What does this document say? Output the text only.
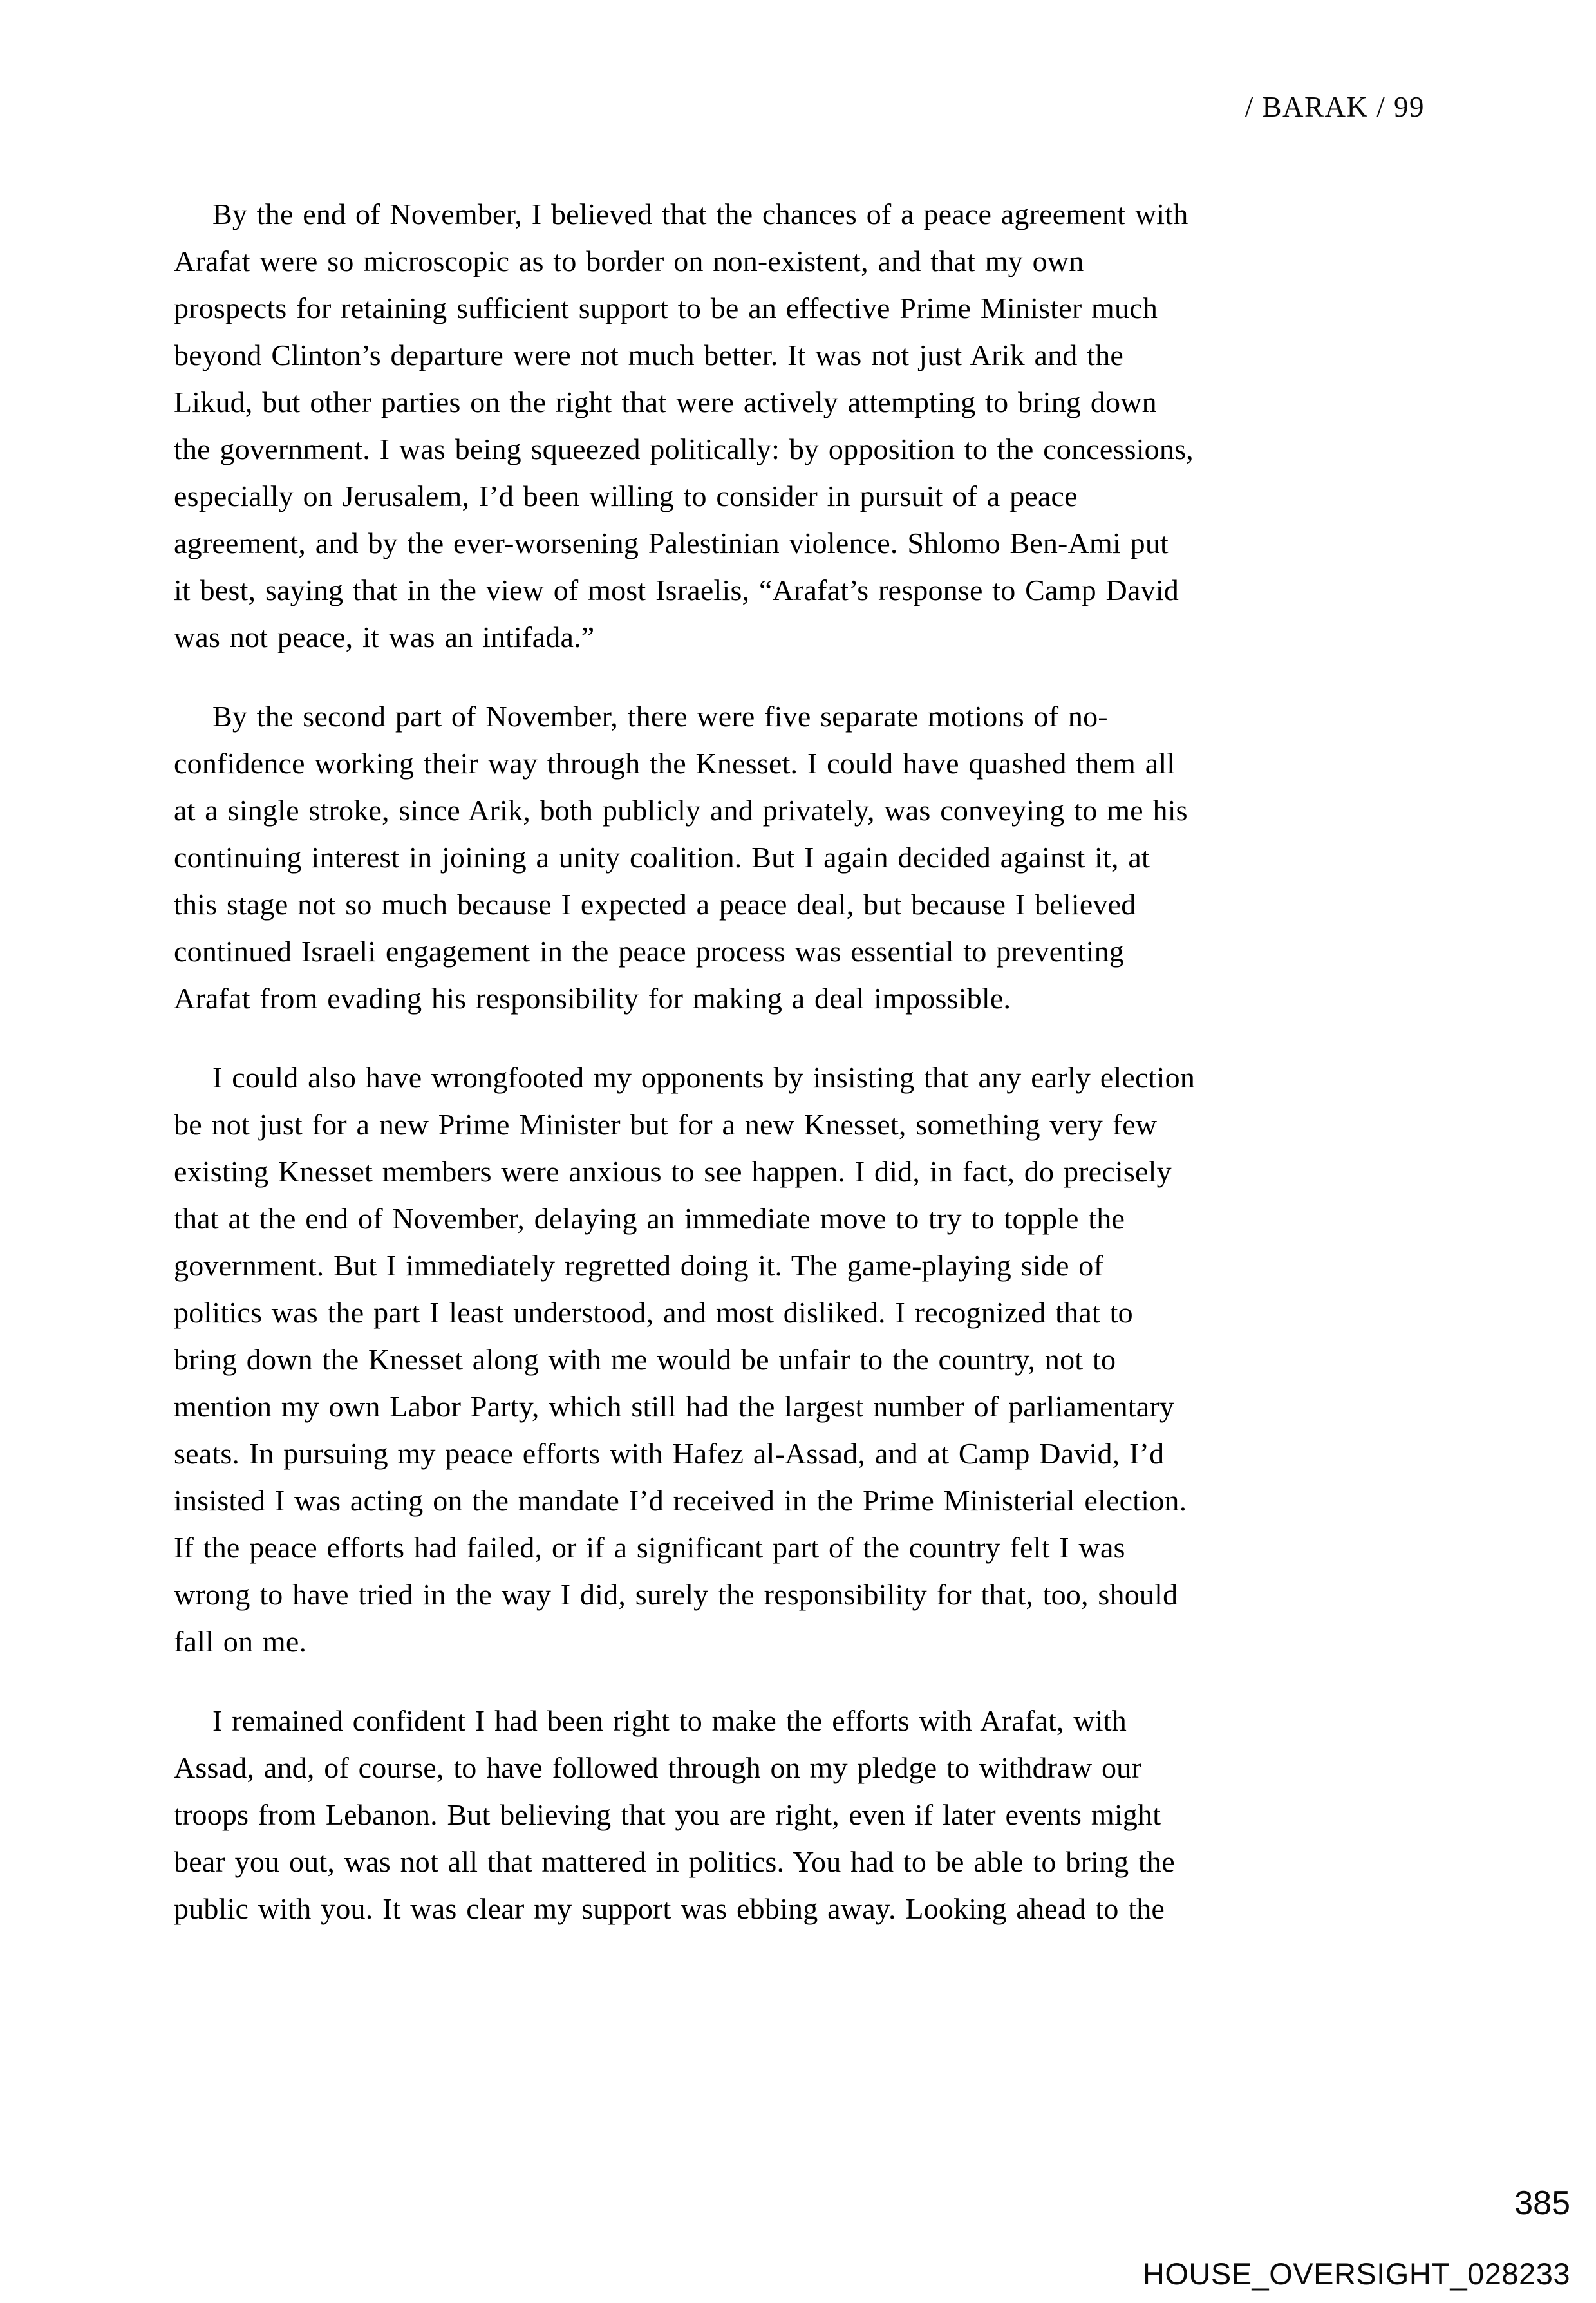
/ BARAK / 99
By the end of November, I believed that the chances of a peace agreement with
Arafat were so microscopic as to border on non-existent, and that my own
prospects for retaining sufficient support to be an effective Prime Minister much
beyond Clinton’s departure were not much better. It was not just Arik and the
Likud, but other parties on the right that were actively attempting to bring down
the government. I was being squeezed politically: by opposition to the concessions,
especially on Jerusalem, I’d been willing to consider in pursuit of a peace
agreement, and by the ever-worsening Palestinian violence. Shlomo Ben-Ami put
it best, saying that in the view of most Israelis, “Arafat’s response to Camp David
was not peace, it was an intifada.”
By the second part of November, there were five separate motions of no-
confidence working their way through the Knesset. I could have quashed them all
at a single stroke, since Arik, both publicly and privately, was conveying to me his
continuing interest in joining a unity coalition. But I again decided against it, at
this stage not so much because I expected a peace deal, but because I believed
continued Israeli engagement in the peace process was essential to preventing
Arafat from evading his responsibility for making a deal impossible.
I could also have wrongfooted my opponents by insisting that any early election
be not just for a new Prime Minister but for a new Knesset, something very few
existing Knesset members were anxious to see happen. I did, in fact, do precisely
that at the end of November, delaying an immediate move to try to topple the
government. But I immediately regretted doing it. The game-playing side of
politics was the part I least understood, and most disliked. I recognized that to
bring down the Knesset along with me would be unfair to the country, not to
mention my own Labor Party, which still had the largest number of parliamentary
seats. In pursuing my peace efforts with Hafez al-Assad, and at Camp David, I’d
insisted I was acting on the mandate I’d received in the Prime Ministerial election.
If the peace efforts had failed, or if a significant part of the country felt I was
wrong to have tried in the way I did, surely the responsibility for that, too, should
fall on me.
I remained confident I had been right to make the efforts with Arafat, with
Assad, and, of course, to have followed through on my pledge to withdraw our
troops from Lebanon. But believing that you are right, even if later events might
bear you out, was not all that mattered in politics. You had to be able to bring the
public with you. It was clear my support was ebbing away. Looking ahead to the
385
HOUSE_OVERSIGHT_028233
